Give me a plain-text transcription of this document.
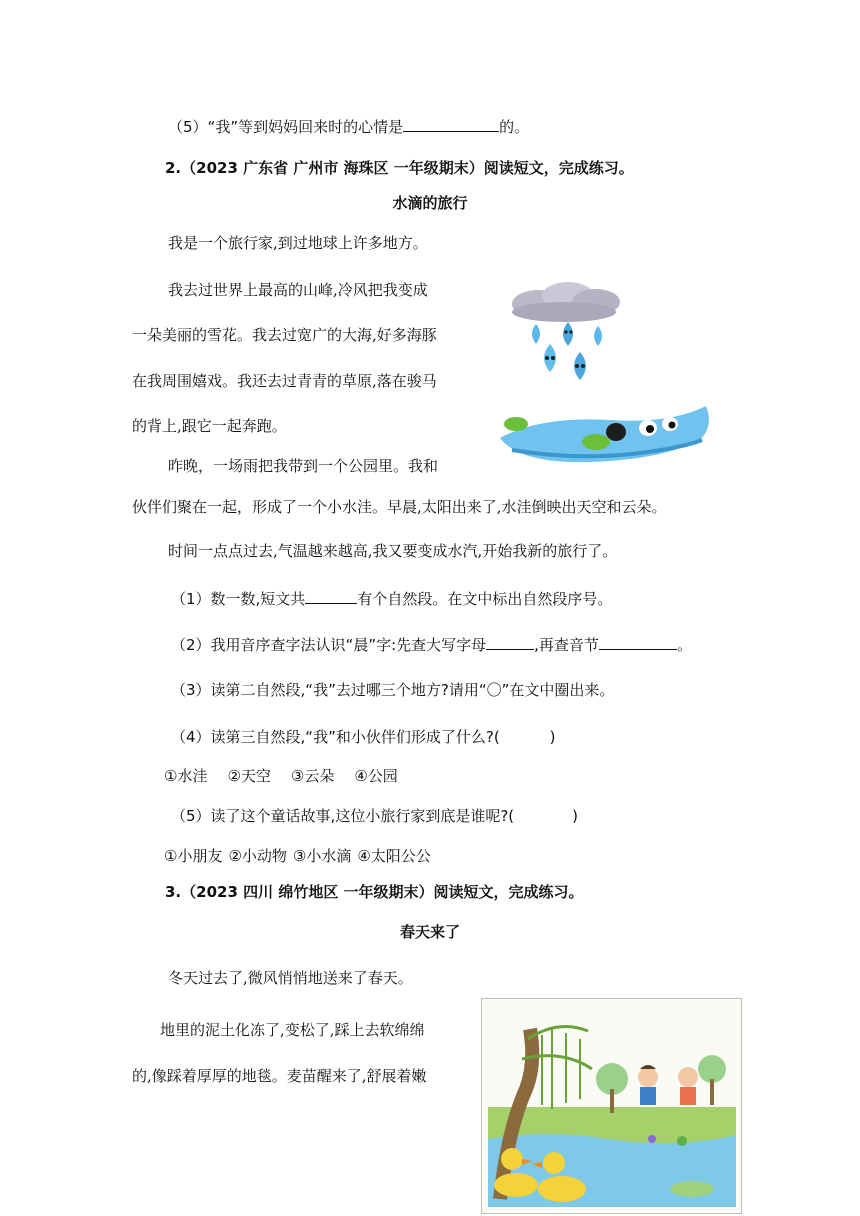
（5）“我”等到妈妈回来时的心情是	的。
2.（2023 广东省 广州市 海珠区 一年级期末）阅读短文，完成练习。
水滴的旅行
我是一个旅行家,到过地球上许多地方。
我去过世界上最高的山峰,冷风把我变成
一朵美丽的雪花。我去过宽广的大海,好多海豚
在我周围嬉戏。我还去过青青的草原,落在骏马
的背上,跟它一起奔跑。
昨晚，一场雨把我带到一个公园里。我和
伙伴们聚在一起，形成了一个小水洼。早晨,太阳出来了,水洼倒映出天空和云朵。
时间一点点过去,气温越来越高,我又要变成水汽,开始我新的旅行了。
（1）数一数,短文共	有个自然段。在文中标出自然段序号。
（2）我用音序查字法认识“晨”字:先查大写字母	,再查音节	。
（3）读第二自然段,“我”去过哪三个地方?请用“〇”在文中圈出来。
（4）读第三自然段,“我”和小伙伴们形成了什么?(	)
①水洼 ②天空 ③云朵 ④公园
（5）读了这个童话故事,这位小旅行家到底是谁呢?(	)
①小朋友 ②小动物 ③小水滴 ④太阳公公
3.（2023 四川 绵竹地区 一年级期末）阅读短文，完成练习。
春天来了
冬天过去了,微风悄悄地送来了春天。
地里的泥土化冻了,变松了,踩上去软绵绵
的,像踩着厚厚的地毯。麦苗醒来了,舒展着嫩
